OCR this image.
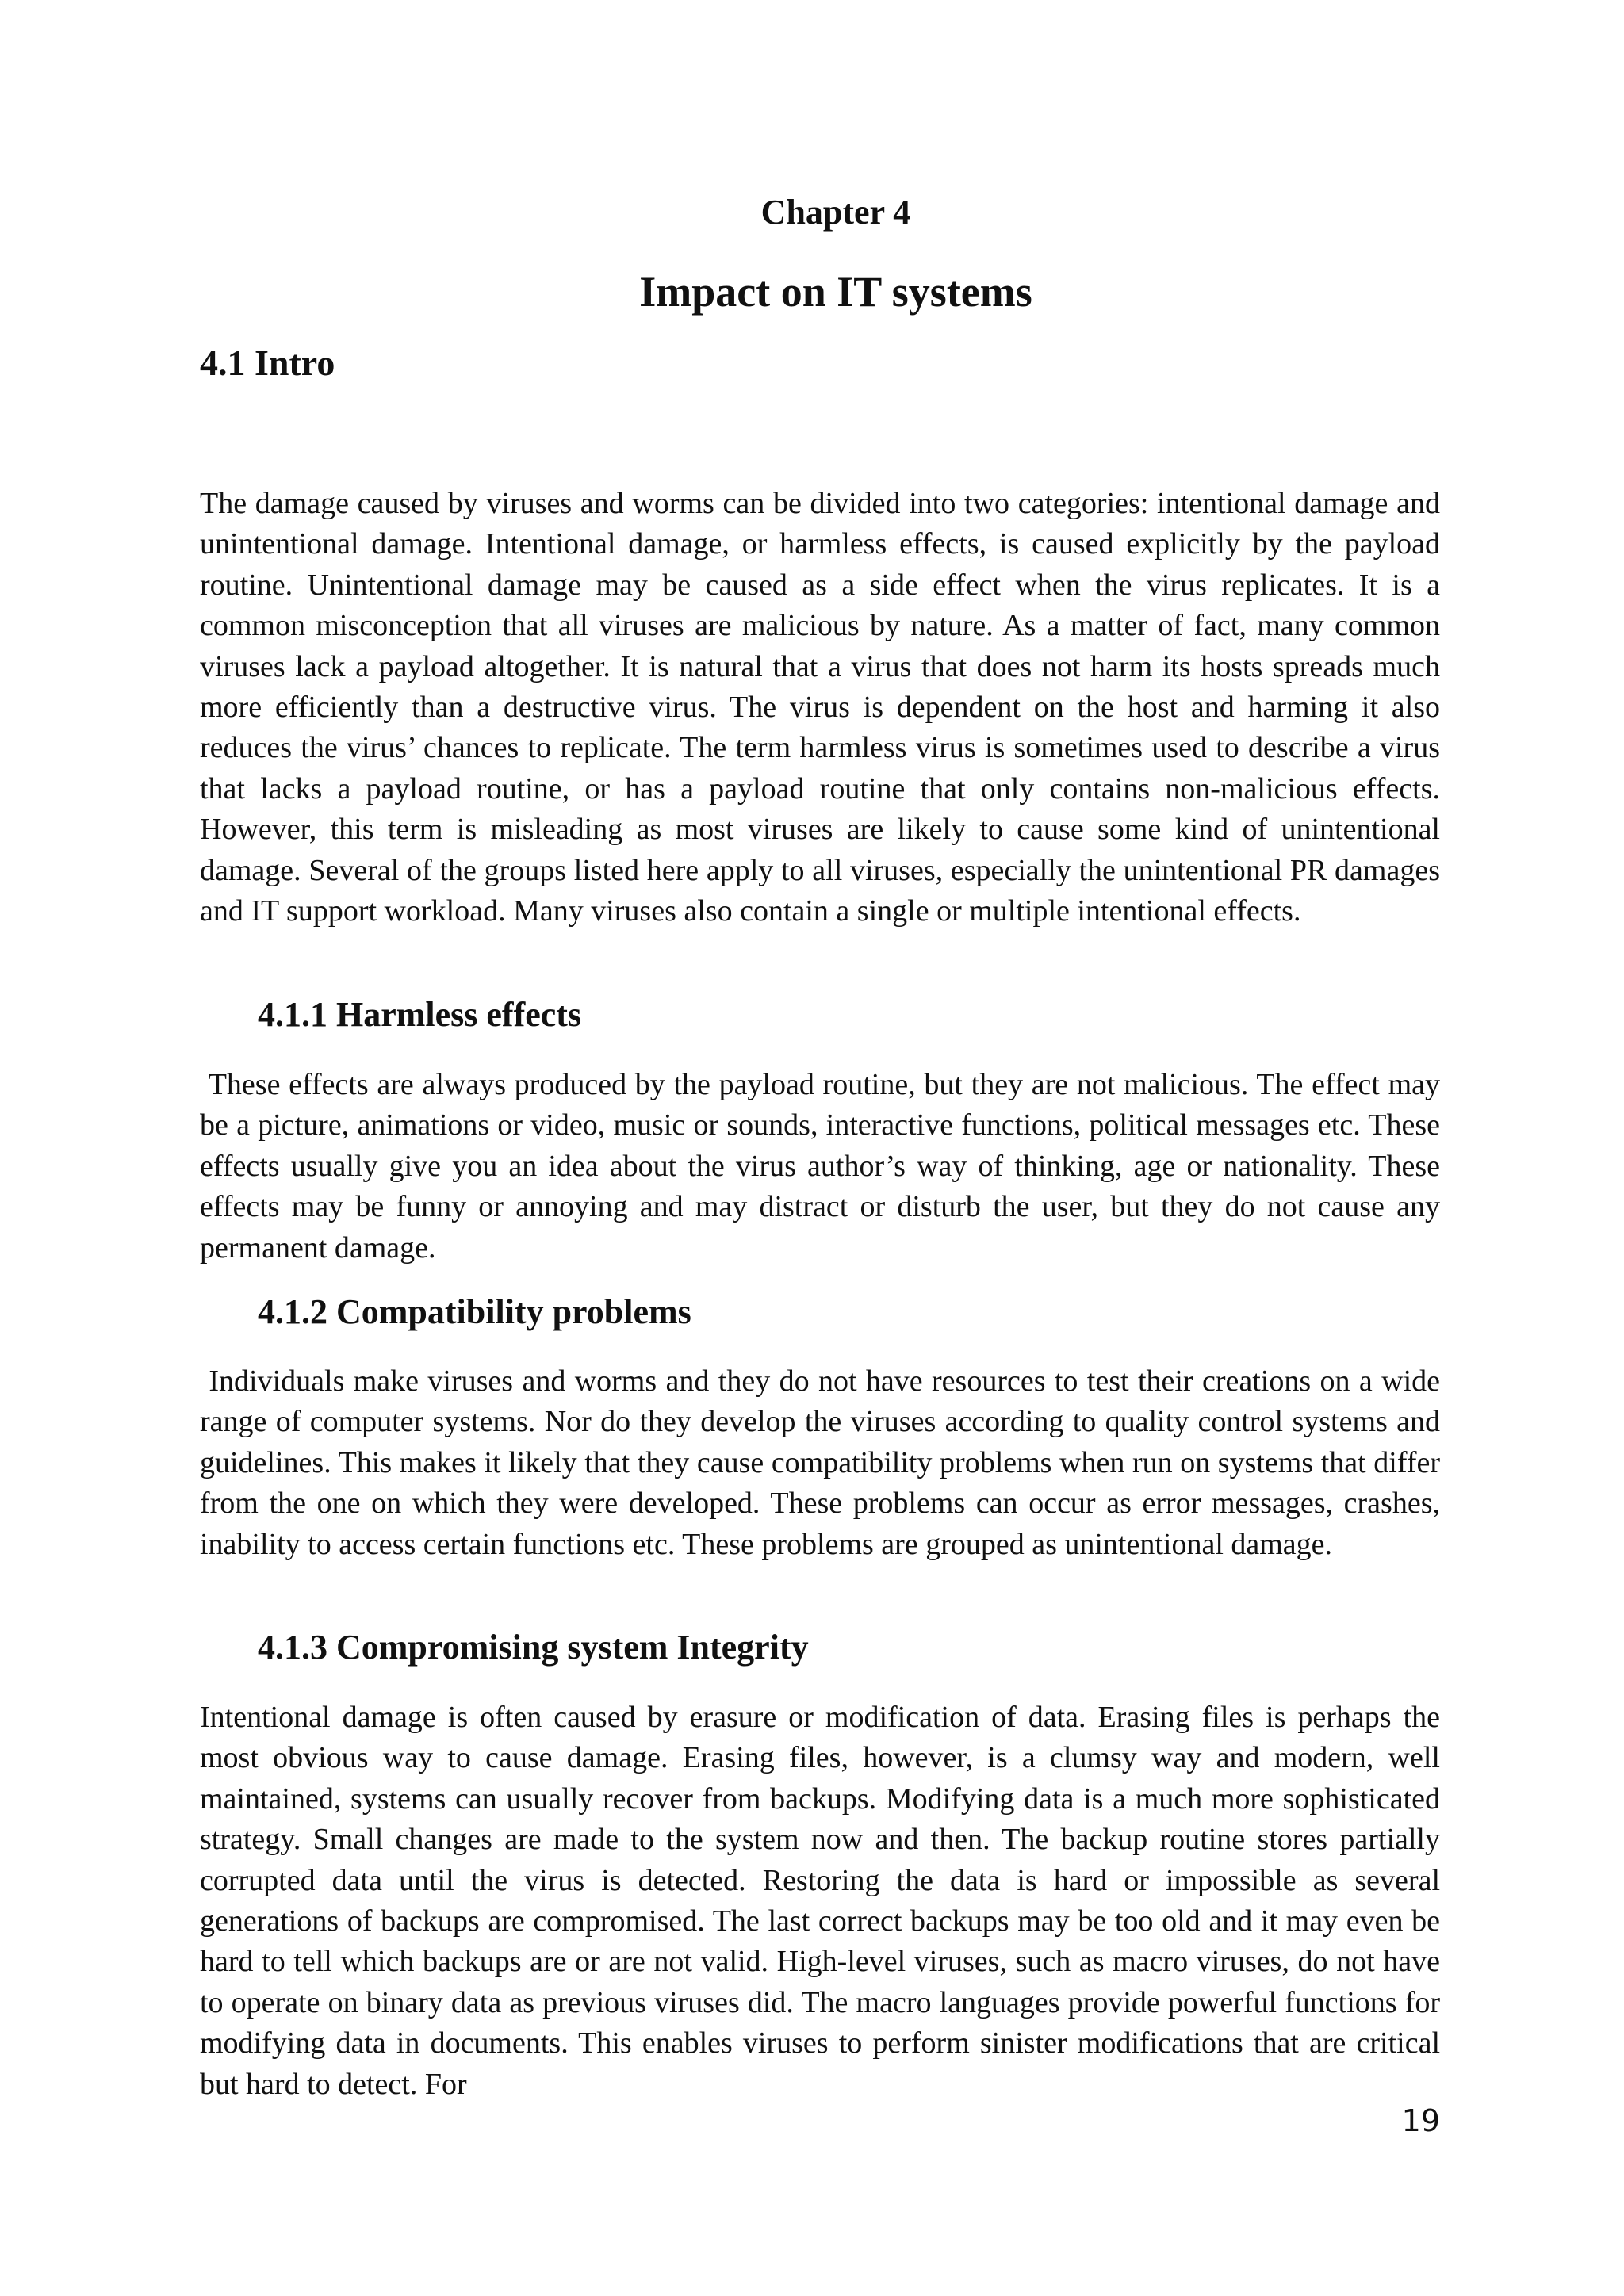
Chapter 4
Impact on IT systems
4.1 Intro

The damage caused by viruses and worms can be divided into two categories: intentional damage and unintentional damage. Intentional damage, or harmless effects, is caused explicitly by the payload routine. Unintentional damage may be caused as a side effect when the virus replicates. It is a common misconception that all viruses are malicious by nature. As a matter of fact, many common viruses lack a payload altogether. It is natural that a virus that does not harm its hosts spreads much more efficiently than a destructive virus. The virus is dependent on the host and harming it also reduces the virus’ chances to replicate. The term harmless virus is sometimes used to describe a virus that lacks a payload routine, or has a payload routine that only contains non-malicious effects. However, this term is misleading as most viruses are likely to cause some kind of unintentional damage. Several of the groups listed here apply to all viruses, especially the unintentional PR damages and IT support workload. Many viruses also contain a single or multiple intentional effects.

4.1.1 Harmless effects

These effects are always produced by the payload routine, but they are not malicious. The effect may be a picture, animations or video, music or sounds, interactive functions, political messages etc. These effects usually give you an idea about the virus author’s way of thinking, age or nationality. These effects may be funny or annoying and may distract or disturb the user, but they do not cause any permanent damage.

4.1.2 Compatibility problems

Individuals make viruses and worms and they do not have resources to test their creations on a wide range of computer systems. Nor do they develop the viruses according to quality control systems and guidelines. This makes it likely that they cause compatibility problems when run on systems that differ from the one on which they were developed. These problems can occur as error messages, crashes, inability to access certain functions etc. These problems are grouped as unintentional damage.

4.1.3 Compromising system Integrity

Intentional damage is often caused by erasure or modification of data. Erasing files is perhaps the most obvious way to cause damage. Erasing files, however, is a clumsy way and modern, well maintained, systems can usually recover from backups. Modifying data is a much more sophisticated strategy. Small changes are made to the system now and then. The backup routine stores partially corrupted data until the virus is detected. Restoring the data is hard or impossible as several generations of backups are compromised. The last correct backups may be too old and it may even be hard to tell which backups are or are not valid. High-level viruses, such as macro viruses, do not have to operate on binary data as previous viruses did. The macro languages provide powerful functions for modifying data in documents. This enables viruses to perform sinister modifications that are critical but hard to detect. For

19
